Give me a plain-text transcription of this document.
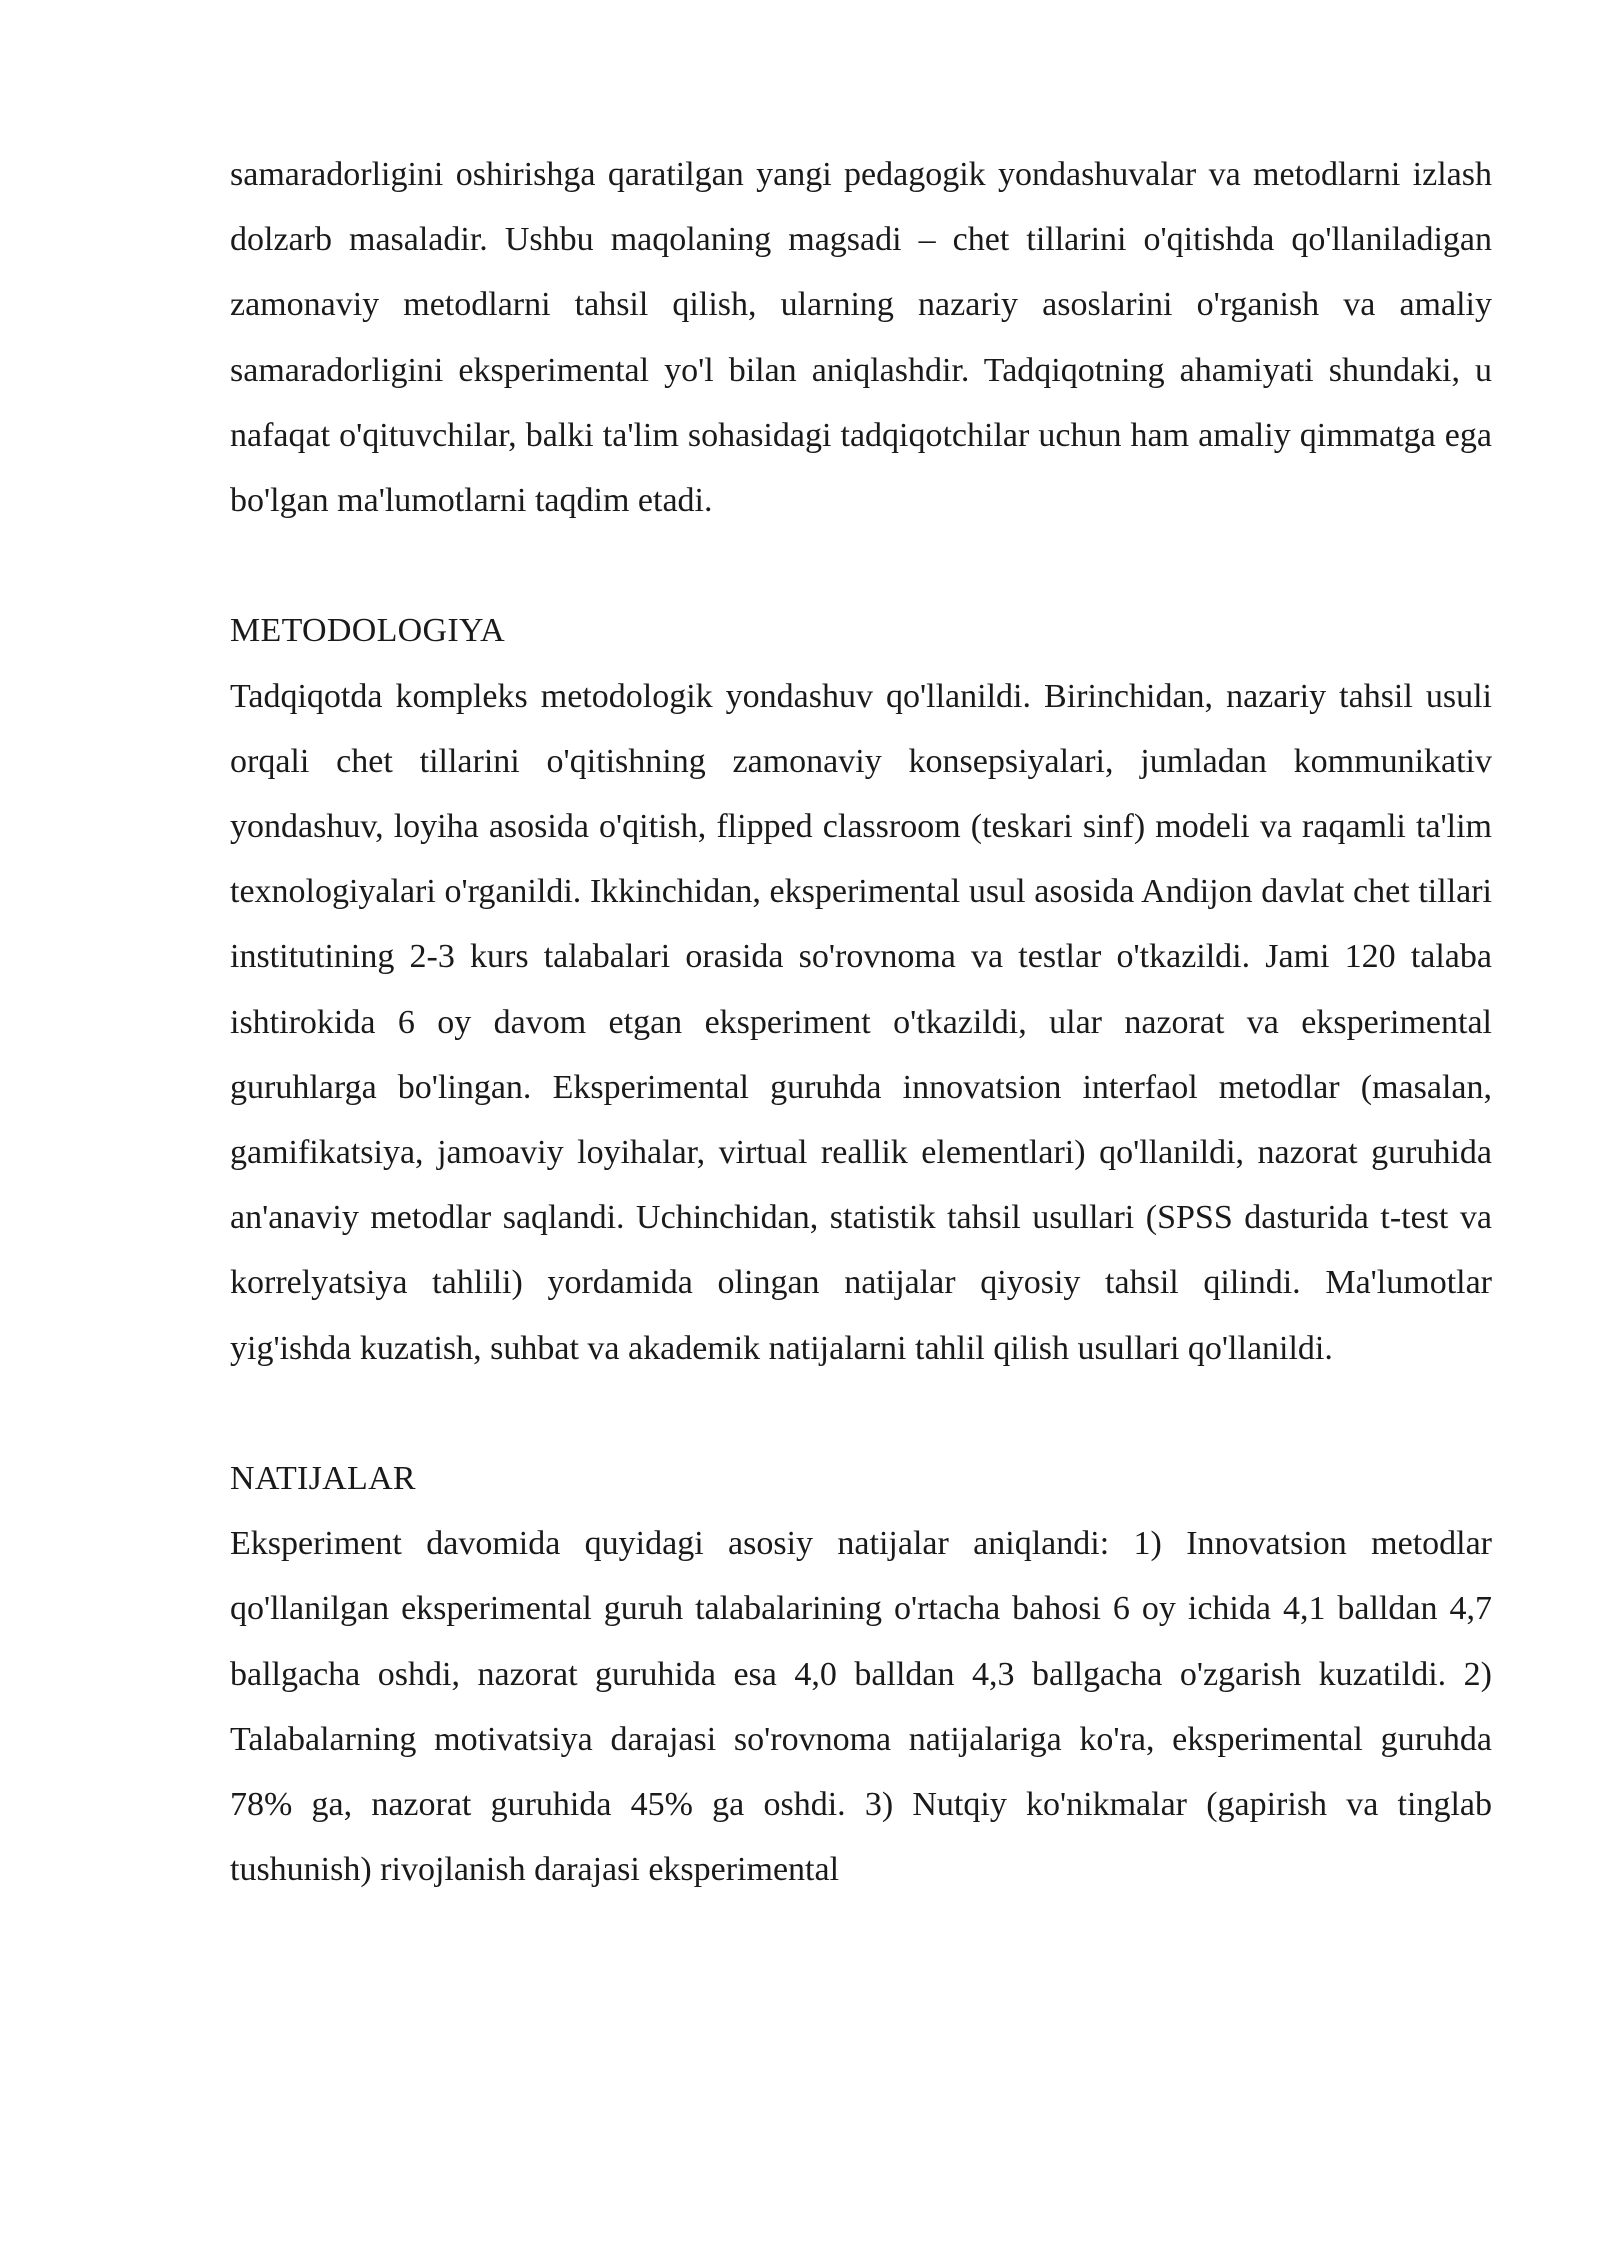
samaradorligini oshirishga qaratilgan yangi pedagogik yondashuvalar va metodlarni izlash dolzarb masaladir. Ushbu maqolaning magsadi – chet tillarini o'qitishda qo'llaniladigan zamonaviy metodlarni tahsil qilish, ularning nazariy asoslarini o'rganish va amaliy samaradorligini eksperimental yo'l bilan aniqlashdir. Tadqiqotning ahamiyati shundaki, u nafaqat o'qituvchilar, balki ta'lim sohasidagi tadqiqotchilar uchun ham amaliy qimmatga ega bo'lgan ma'lumotlarni taqdim etadi.

METODOLOGIYA

Tadqiqotda kompleks metodologik yondashuv qo'llanildi. Birinchidan, nazariy tahsil usuli orqali chet tillarini o'qitishning zamonaviy konsepsiyalari, jumladan kommunikativ yondashuv, loyiha asosida o'qitish, flipped classroom (teskari sinf) modeli va raqamli ta'lim texnologiyalari o'rganildi. Ikkinchidan, eksperimental usul asosida Andijon davlat chet tillari institutining 2-3 kurs talabalari orasida so'rovnoma va testlar o'tkazildi. Jami 120 talaba ishtirokida 6 oy davom etgan eksperiment o'tkazildi, ular nazorat va eksperimental guruhlarga bo'lingan. Eksperimental guruhda innovatsion interfaol metodlar (masalan, gamifikatsiya, jamoaviy loyihalar, virtual reallik elementlari) qo'llanildi, nazorat guruhida an'anaviy metodlar saqlandi. Uchinchidan, statistik tahsil usullari (SPSS dasturida t-test va korrelyatsiya tahlili) yordamida olingan natijalar qiyosiy tahsil qilindi. Ma'lumotlar yig'ishda kuzatish, suhbat va akademik natijalarni tahlil qilish usullari qo'llanildi.

NATIJALAR

Eksperiment davomida quyidagi asosiy natijalar aniqlandi: 1) Innovatsion metodlar qo'llanilgan eksperimental guruh talabalarining o'rtacha bahosi 6 oy ichida 4,1 balldan 4,7 ballgacha oshdi, nazorat guruhida esa 4,0 balldan 4,3 ballgacha o'zgarish kuzatildi. 2) Talabalarning motivatsiya darajasi so'rovnoma natijalariga ko'ra, eksperimental guruhda 78% ga, nazorat guruhida 45% ga oshdi. 3) Nutqiy ko'nikmalar (gapirish va tinglab tushunish) rivojlanish darajasi eksperimental
